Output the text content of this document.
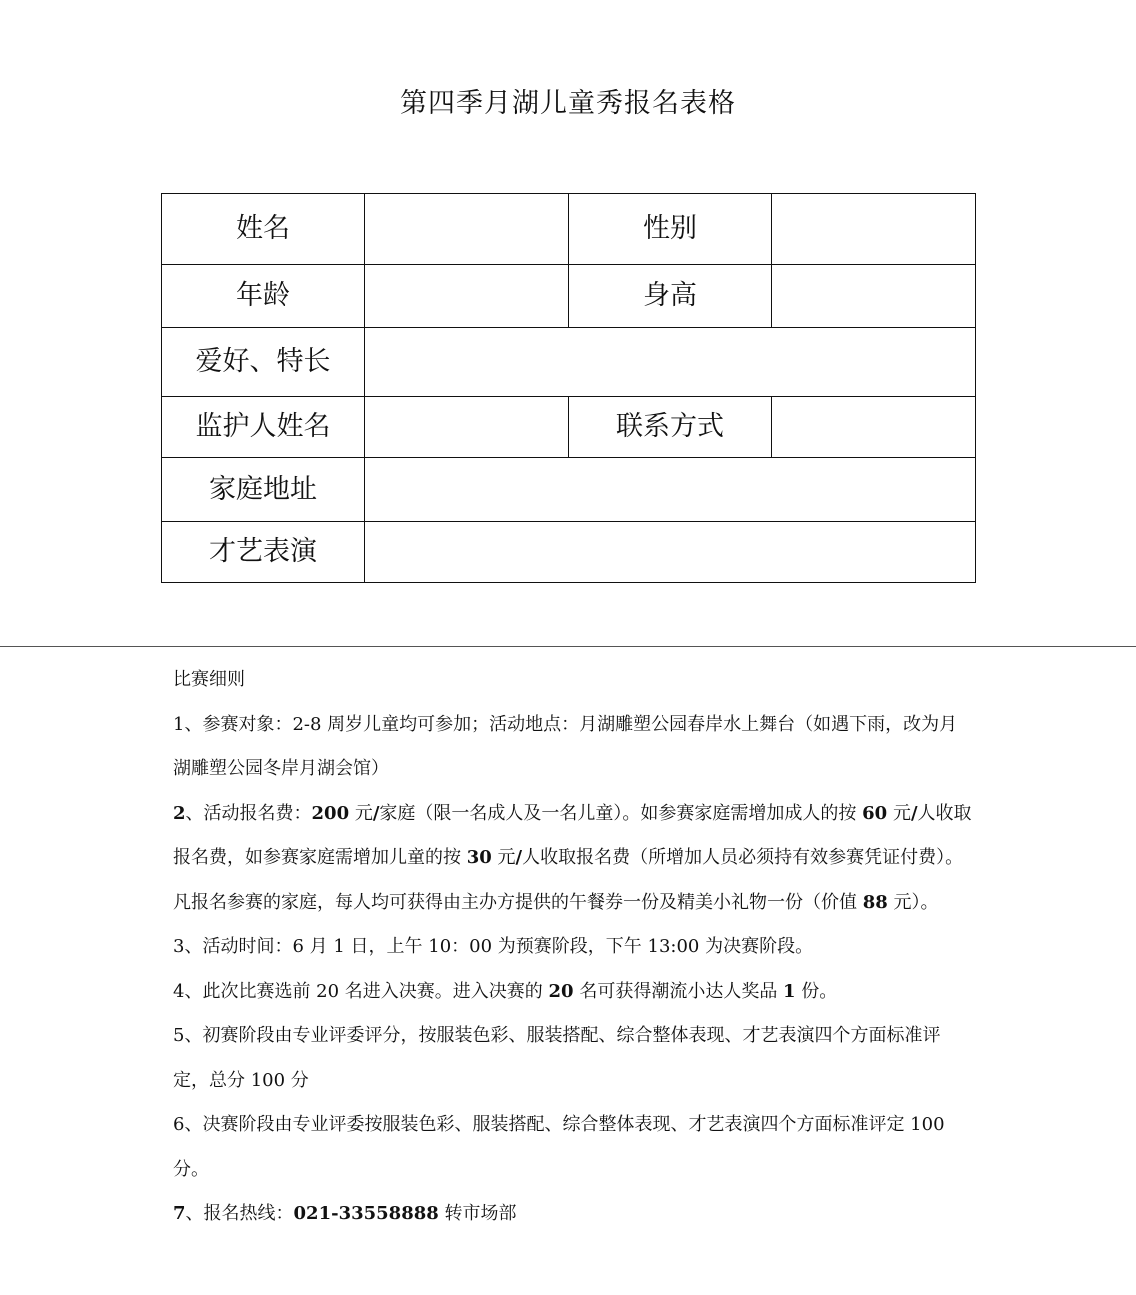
第四季月湖儿童秀报名表格
姓名		性别	
年龄		身高	
爱好、特长			
监护人姓名		联系方式	
家庭地址			
才艺表演			

比赛细则

1、参赛对象：2-8 周岁儿童均可参加；活动地点：月湖雕塑公园春岸水上舞台（如遇下雨，改为月湖雕塑公园冬岸月湖会馆）

2、活动报名费：200 元/家庭（限一名成人及一名儿童）。如参赛家庭需增加成人的按 60 元/人收取报名费，如参赛家庭需增加儿童的按 30 元/人收取报名费（所增加人员必须持有效参赛凭证付费）。凡报名参赛的家庭，每人均可获得由主办方提供的午餐券一份及精美小礼物一份（价值 88 元）。

3、活动时间：6 月 1 日，上午 10：00 为预赛阶段，下午 13:00 为决赛阶段。

4、此次比赛选前 20 名进入决赛。进入决赛的 20 名可获得潮流小达人奖品 1 份。

5、初赛阶段由专业评委评分，按服装色彩、服装搭配、综合整体表现、才艺表演四个方面标准评定，总分 100 分

6、决赛阶段由专业评委按服装色彩、服装搭配、综合整体表现、才艺表演四个方面标准评定 100 分。

7、报名热线：021-33558888 转市场部
